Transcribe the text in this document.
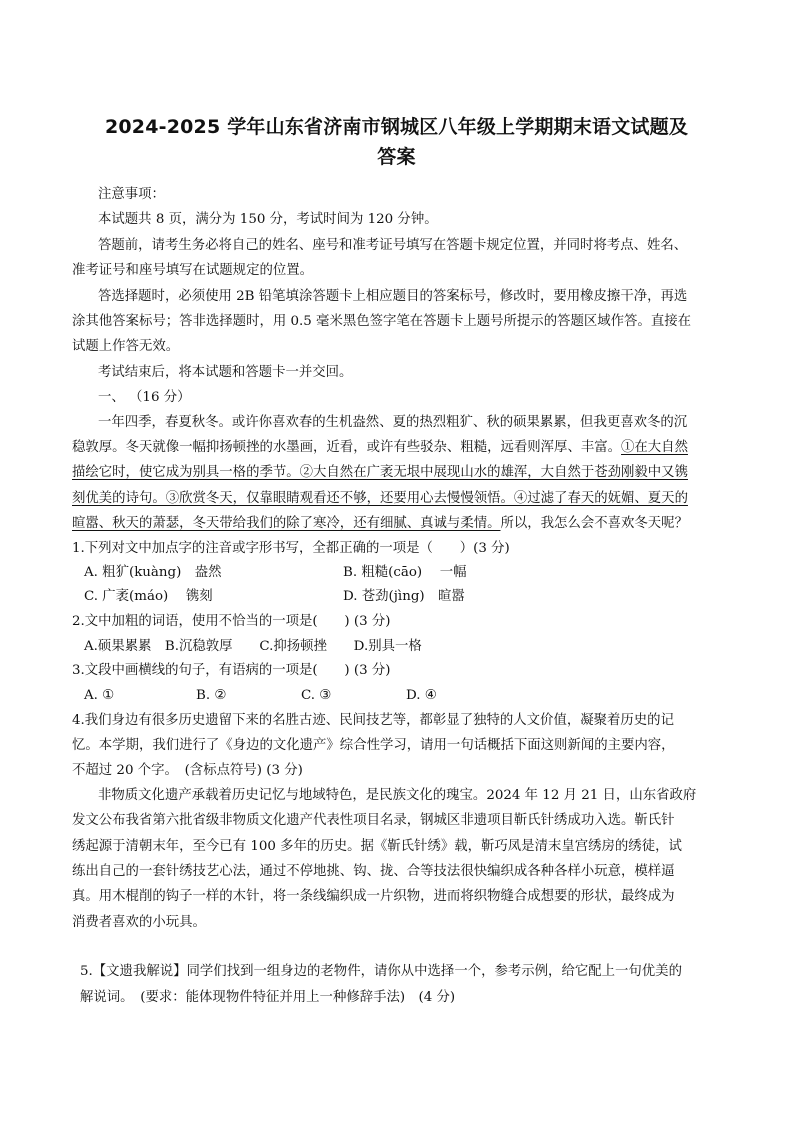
2024-2025 学年山东省济南市钢城区八年级上学期期末语文试题及
答案
注意事项：
本试题共 8 页，满分为 150 分，考试时间为 120 分钟。
答题前，请考生务必将自己的姓名、座号和准考证号填写在答题卡规定位置，并同时将考点、姓名、
准考证号和座号填写在试题规定的位置。
答选择题时，必须使用 2B 铅笔填涂答题卡上相应题目的答案标号，修改时，要用橡皮擦干净，再选
涂其他答案标号；答非选择题时，用 0.5 毫米黑色签字笔在答题卡上题号所提示的答题区域作答。直接在
试题上作答无效。
考试结束后，将本试题和答题卡一并交回。
一、 （16 分）
一年四季，春夏秋冬。或许你喜欢春的生机盎然、夏的热烈粗犷、秋的硕果累累，但我更喜欢冬的沉
稳敦厚。冬天就像一幅抑扬顿挫的水墨画，近看，或许有些驳杂、粗糙，远看则浑厚、丰富。①在大自然
描绘它时，使它成为别具一格的季节。②大自然在广袤无垠中展现山水的雄浑，大自然于苍劲刚毅中又镌
刻优美的诗句。③欣赏冬天，仅靠眼睛观看还不够，还要用心去慢慢领悟。④过滤了春天的妩媚、夏天的
暄嚣、秋天的萧瑟，冬天带给我们的除了寒冷，还有细腻、真诚与柔情。所以，我怎么会不喜欢冬天呢？
1.下列对文中加点字的注音或字形书写，全都正确的一项是（　　）(3 分)
A. 粗犷(kuàng)　盎然	B. 粗糙(cāo)　 一幅
C. 广袤(máo)　 镌刻	D. 苍劲(jìng)　暄嚣
2.文中加粗的词语，使用不恰当的一项是(　　) (3 分)
A.硕果累累　B.沉稳敦厚　　C.抑扬顿挫　　D.别具一格
3.文段中画横线的句子，有语病的一项是(　　) (3 分)
A. ①	B. ②	C. ③	D. ④
4.我们身边有很多历史遗留下来的名胜古迹、民间技艺等，都彰显了独特的人文价值，凝聚着历史的记
忆。本学期，我们进行了《身边的文化遗产》综合性学习，请用一句话概括下面这则新闻的主要内容，
不超过 20 个字。　(含标点符号) (3 分)
非物质文化遗产承载着历史记忆与地域特色，是民族文化的瑰宝。2024 年 12 月 21 日，山东省政府
发文公布我省第六批省级非物质文化遗产代表性项目名录，钢城区非遗项目靳氏针绣成功入选。靳氏针
绣起源于清朝末年，至今已有 100 多年的历史。据《靳氏针绣》载，靳巧凤是清末皇宫绣房的绣徒，试
练出自己的一套针绣技艺心法，通过不停地挑、钩、拢、合等技法很快编织成各种各样小玩意，模样逼
真。用木棍削的钩子一样的木针，将一条线编织成一片织物，进而将织物缝合成想要的形状，最终成为
消费者喜欢的小玩具。
5.【文遗我解说】同学们找到一组身边的老物件，请你从中选择一个，参考示例，给它配上一句优美的
解说词。　(要求：能体现物件特征并用上一种修辞手法)　(4 分)
